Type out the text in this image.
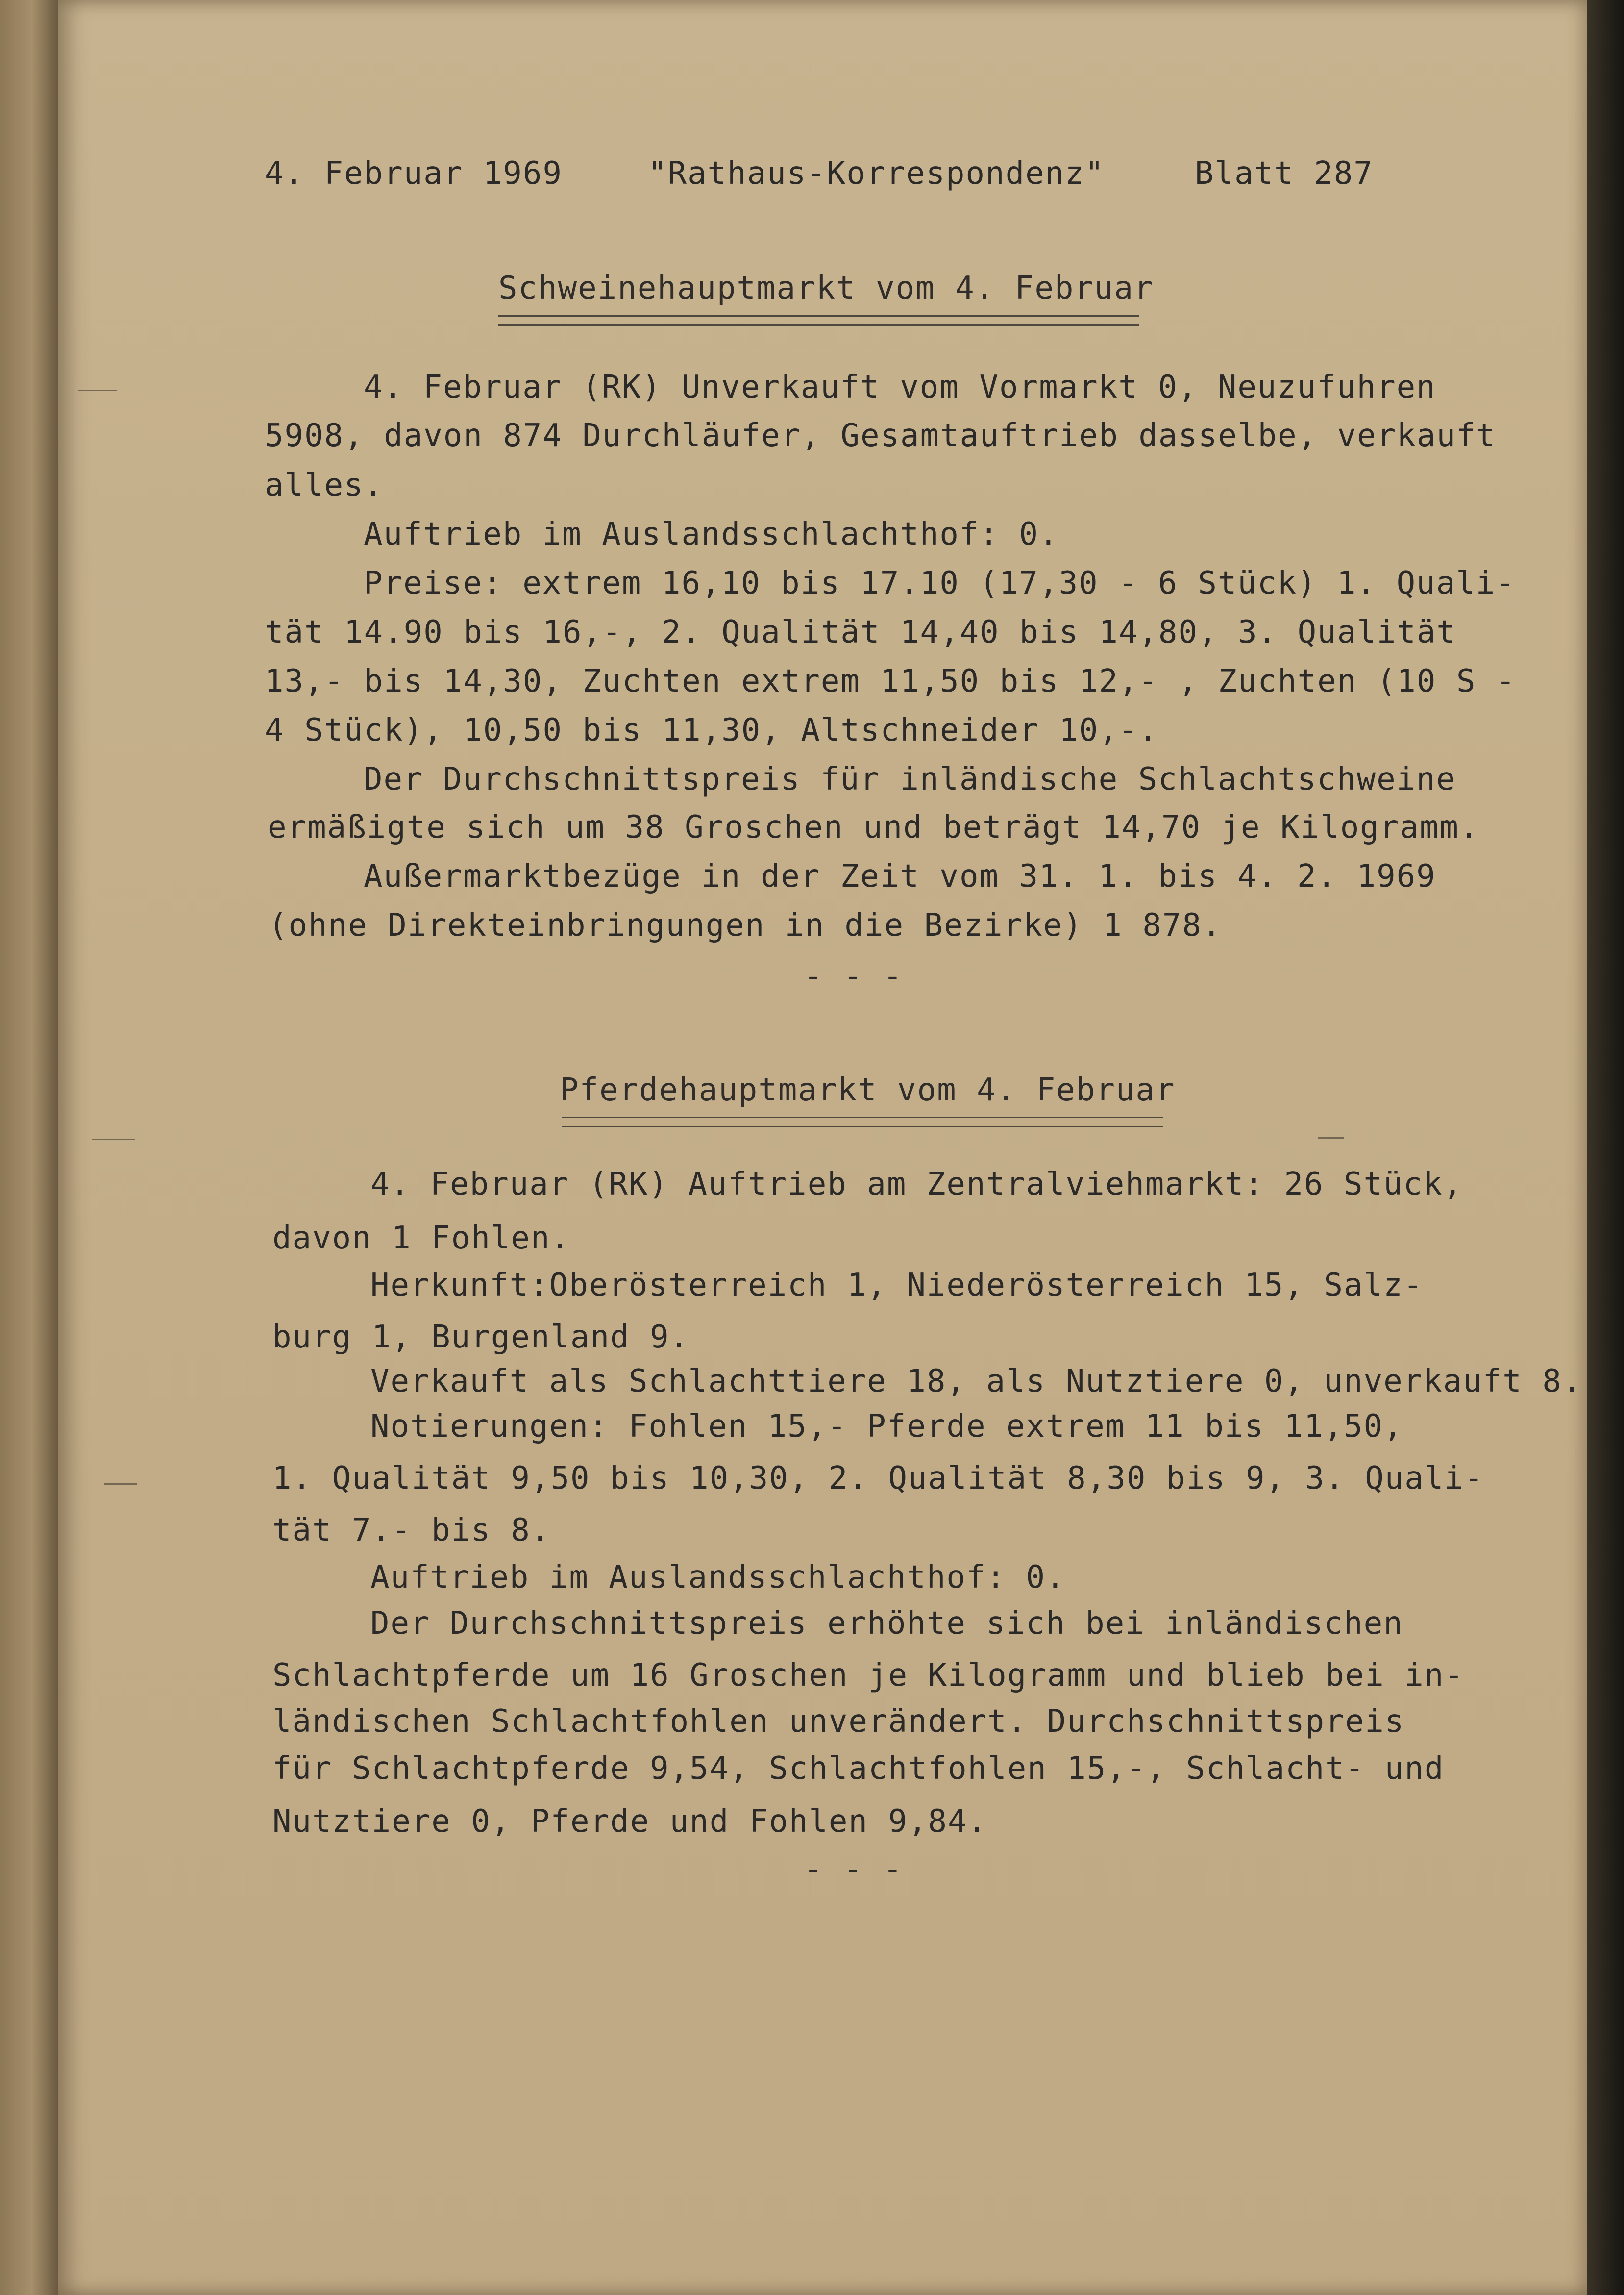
4. Februar 1969	"Rathaus-Korrespondenz"	Blatt 287
Schweinehauptmarkt vom 4. Februar
4. Februar (RK) Unverkauft vom Vormarkt 0, Neuzufuhren
5908, davon 874 Durchläufer, Gesamtauftrieb dasselbe, verkauft
alles.
Auftrieb im Auslandsschlachthof: 0.
Preise: extrem 16,10 bis 17.10 (17,30 - 6 Stück) 1. Quali-
tät 14.90 bis 16,-, 2. Qualität 14,40 bis 14,80, 3. Qualität
13,- bis 14,30, Zuchten extrem 11,50 bis 12,- , Zuchten (10 S -
4 Stück), 10,50 bis 11,30, Altschneider 10,-.
Der Durchschnittspreis für inländische Schlachtschweine
ermäßigte sich um 38 Groschen und beträgt 14,70 je Kilogramm.
Außermarktbezüge in der Zeit vom 31. 1. bis 4. 2. 1969
(ohne Direkteinbringungen in die Bezirke) 1 878.
- - -
Pferdehauptmarkt vom 4. Februar
4. Februar (RK) Auftrieb am Zentralviehmarkt: 26 Stück,
davon 1 Fohlen.
Herkunft:Oberösterreich 1, Niederösterreich 15, Salz-
burg 1, Burgenland 9.
Verkauft als Schlachttiere 18, als Nutztiere 0, unverkauft 8.
Notierungen: Fohlen 15,- Pferde extrem 11 bis 11,50,
1. Qualität 9,50 bis 10,30, 2. Qualität 8,30 bis 9, 3. Quali-
tät 7.- bis 8.
Auftrieb im Auslandsschlachthof: 0.
Der Durchschnittspreis erhöhte sich bei inländischen
Schlachtpferde um 16 Groschen je Kilogramm und blieb bei in-
ländischen Schlachtfohlen unverändert. Durchschnittspreis
für Schlachtpferde 9,54, Schlachtfohlen 15,-, Schlacht- und
Nutztiere 0, Pferde und Fohlen 9,84.
- - -
